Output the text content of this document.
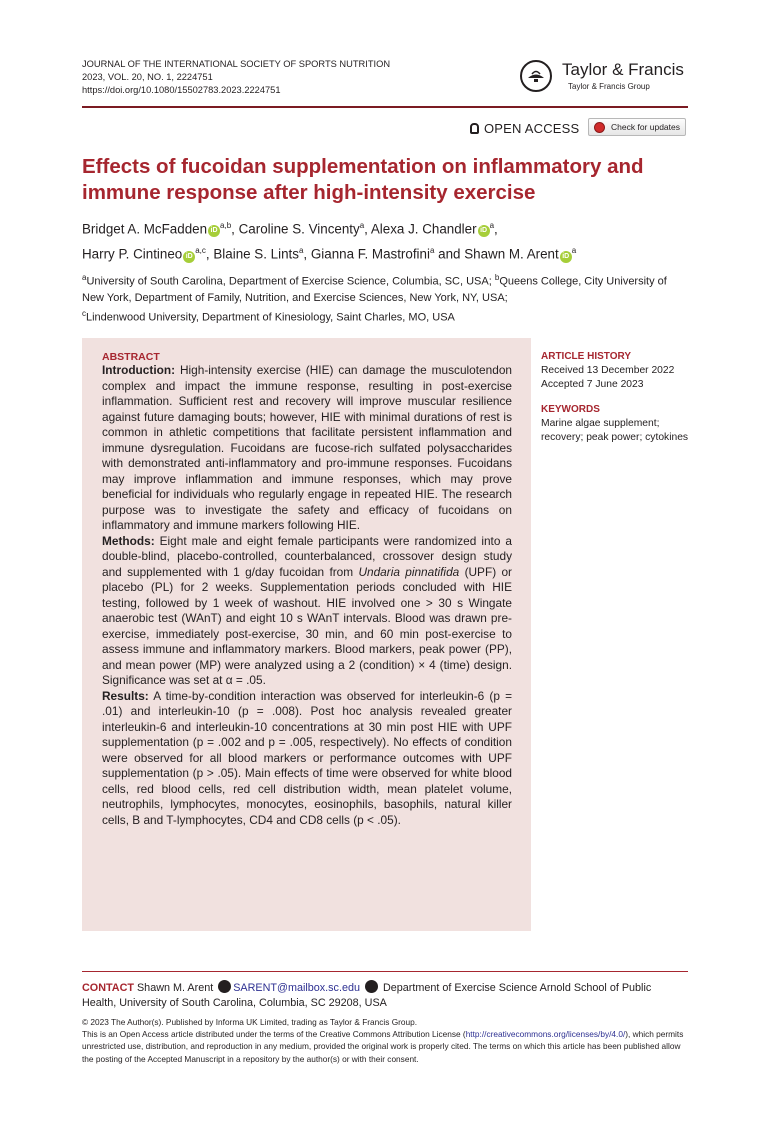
JOURNAL OF THE INTERNATIONAL SOCIETY OF SPORTS NUTRITION
2023, VOL. 20, NO. 1, 2224751
https://doi.org/10.1080/15502783.2023.2224751
Taylor & Francis
Taylor & Francis Group
OPEN ACCESS	Check for updates
Effects of fucoidan supplementation on inflammatory and immune response after high-intensity exercise
Bridget A. McFadden iD$^{a,b}$, Caroline S. Vincenty$^a$, Alexa J. Chandler $iD^a$,
Harry P. Cintineo iD$^{a,c}$, Blaine S. Lints$^a$, Gianna F. Mastrofini$^a$ and Shawn M. Arent $iD^a$
$^a$University of South Carolina, Department of Exercise Science, Columbia, SC, USA; $^b$Queens College, City University of New York, Department of Family, Nutrition, and Exercise Sciences, New York, NY, USA;
$^c$Lindenwood University, Department of Kinesiology, Saint Charles, MO, USA
ABSTRACT

Introduction: High-intensity exercise (HIE) can damage the musculotendon complex and impact the immune response, resulting in post-exercise inflammation. Sufficient rest and recovery will improve muscular resilience against future damaging bouts; however, HIE with minimal durations of rest is common in athletic competitions that facilitate persistent inflammation and immune dysregulation. Fucoidans are fucose-rich sulfated polysaccharides with demonstrated anti-inflammatory and pro-immune responses. Fucoidans may improve inflammation and immune responses, which may prove beneficial for individuals who regularly engage in repeated HIE. The research purpose was to investigate the safety and efficacy of fucoidans on inflammatory and immune markers following HIE.

Methods: Eight male and eight female participants were randomized into a double-blind, placebo-controlled, counterbalanced, crossover design study and supplemented with 1 g/day fucoidan from Undaria pinnatifida (UPF) or placebo (PL) for 2 weeks. Supplementation periods concluded with HIE testing, followed by 1 week of washout. HIE involved one > 30 s Wingate anaerobic test (WAnT) and eight 10 s WAnT intervals. Blood was drawn pre-exercise, immediately post-exercise, 30 min, and 60 min post-exercise to assess immune and inflammatory markers. Blood markers, peak power (PP), and mean power (MP) were analyzed using a 2 (condition) × 4 (time) design. Significance was set at α = .05.

Results: A time-by-condition interaction was observed for interleukin-6 (p = .01) and interleukin-10 (p = .008). Post hoc analysis revealed greater interleukin-6 and interleukin-10 concentrations at 30 min post HIE with UPF supplementation (p = .002 and p = .005, respectively). No effects of condition were observed for all blood markers or performance outcomes with UPF supplementation (p > .05). Main effects of time were observed for white blood cells, red blood cells, red cell distribution width, mean platelet volume, neutrophils, lymphocytes, monocytes, eosinophils, basophils, natural killer cells, B and T-lymphocytes, CD4 and CD8 cells (p < .05).

ARTICLE HISTORY
Received 13 December 2022
Accepted 7 June 2023
KEYWORDS
Marine algae supplement; recovery; peak power; cytokines
CONTACT Shawn M. Arent SARENT@mailbox.sc.edu  Department of Exercise Science Arnold School of Public Health, University of South Carolina, Columbia, SC 29208, USA
© 2023 The Author(s). Published by Informa UK Limited, trading as Taylor & Francis Group.
This is an Open Access article distributed under the terms of the Creative Commons Attribution License (http://creativecommons.org/licenses/by/4.0/), which permits unrestricted use, distribution, and reproduction in any medium, provided the original work is properly cited. The terms on which this article has been published allow the posting of the Accepted Manuscript in a repository by the author(s) or with their consent.
